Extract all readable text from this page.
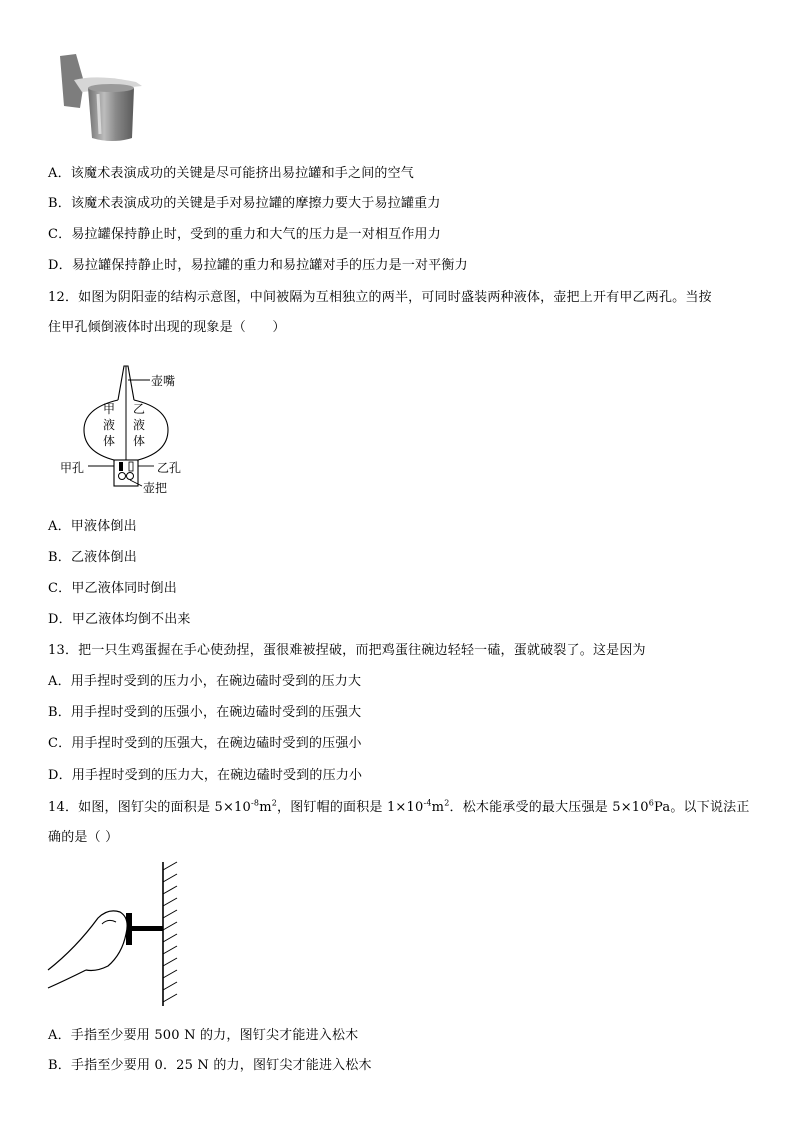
A．该魔术表演成功的关键是尽可能挤出易拉罐和手之间的空气
B．该魔术表演成功的关键是手对易拉罐的摩擦力要大于易拉罐重力
C．易拉罐保持静止时，受到的重力和大气的压力是一对相互作用力
D．易拉罐保持静止时，易拉罐的重力和易拉罐对手的压力是一对平衡力
12．如图为阴阳壶的结构示意图，中间被隔为互相独立的两半，可同时盛装两种液体，壶把上开有甲乙两孔。当按
住甲孔倾倒液体时出现的现象是（　　）
壶嘴
甲
液
体
乙
液
体
甲孔	乙孔
壶把
A．甲液体倒出
B．乙液体倒出
C．甲乙液体同时倒出
D．甲乙液体均倒不出来
13．把一只生鸡蛋握在手心使劲捏，蛋很难被捏破，而把鸡蛋往碗边轻轻一磕，蛋就破裂了。这是因为
A．用手捏时受到的压力小，在碗边磕时受到的压力大
B．用手捏时受到的压强小，在碗边磕时受到的压强大
C．用手捏时受到的压强大，在碗边磕时受到的压强小
D．用手捏时受到的压力大，在碗边磕时受到的压力小
14．如图，图钉尖的面积是 $5\times 10^{-8}m^2$，图钉帽的面积是 $1\times 10^{-4}m^2$．松木能承受的最大压强是 $5\times 10^6Pa$。以下说法正
确的是（ ）
A．手指至少要用 500 N 的力，图钉尖才能进入松木
B．手指至少要用 0．25 N 的力，图钉尖才能进入松木
